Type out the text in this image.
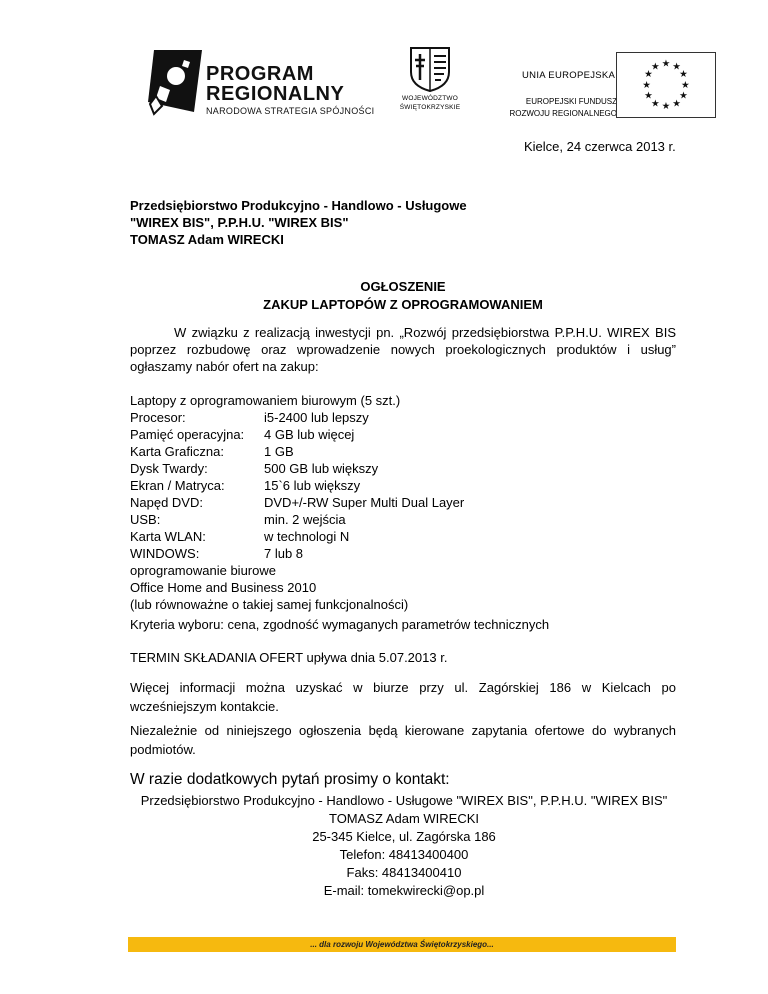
PROGRAM
REGIONALNY
NARODOWA STRATEGIA SPÓJNOŚCI
WOJEWÓDZTWO
ŚWIĘTOKRZYSKIE
UNIA EUROPEJSKA
EUROPEJSKI FUNDUSZ
ROZWOJU REGIONALNEGO
★ ★
★
★
★
★
★
★
★
★
★
★
Kielce, 24 czerwca 2013 r.
Przedsiębiorstwo Produkcyjno - Handlowo - Usługowe
"WIREX BIS", P.P.H.U. "WIREX BIS"
TOMASZ Adam WIRECKI
OGŁOSZENIE
ZAKUP LAPTOPÓW Z OPROGRAMOWANIEM
W związku z realizacją inwestycji pn. „Rozwój przedsiębiorstwa P.P.H.U. WIREX BIS poprzez rozbudowę oraz wprowadzenie nowych proekologicznych produktów i usług” ogłaszamy nabór ofert na zakup:
Laptopy z oprogramowaniem biurowym (5 szt.)
Procesor:	i5-2400 lub lepszy
Pamięć operacyjna: 4 GB lub więcej
Karta Graficzna:	1 GB
Dysk Twardy:	500 GB lub większy
Ekran / Matryca:	15`6 lub większy
Napęd DVD:	DVD+/-RW Super Multi Dual Layer
USB:	min. 2 wejścia
Karta WLAN:	w technologi N
WINDOWS:	7 lub 8
oprogramowanie biurowe
Office Home and Business 2010
(lub równoważne o takiej samej funkcjonalności)
Kryteria wyboru: cena, zgodność wymaganych parametrów technicznych
TERMIN SKŁADANIA OFERT upływa dnia 5.07.2013 r.
Więcej informacji można uzyskać w biurze przy ul. Zagórskiej 186 w Kielcach po wcześniejszym kontakcie.
Niezależnie od niniejszego ogłoszenia będą kierowane zapytania ofertowe do wybranych podmiotów.
W razie dodatkowych pytań prosimy o kontakt:
Przedsiębiorstwo Produkcyjno - Handlowo - Usługowe "WIREX BIS", P.P.H.U. "WIREX BIS"
TOMASZ Adam WIRECKI
25-345 Kielce, ul. Zagórska 186
Telefon: 48413400400
Faks: 48413400410
E-mail: tomekwirecki@op.pl
... dla rozwoju Województwa Świętokrzyskiego...
